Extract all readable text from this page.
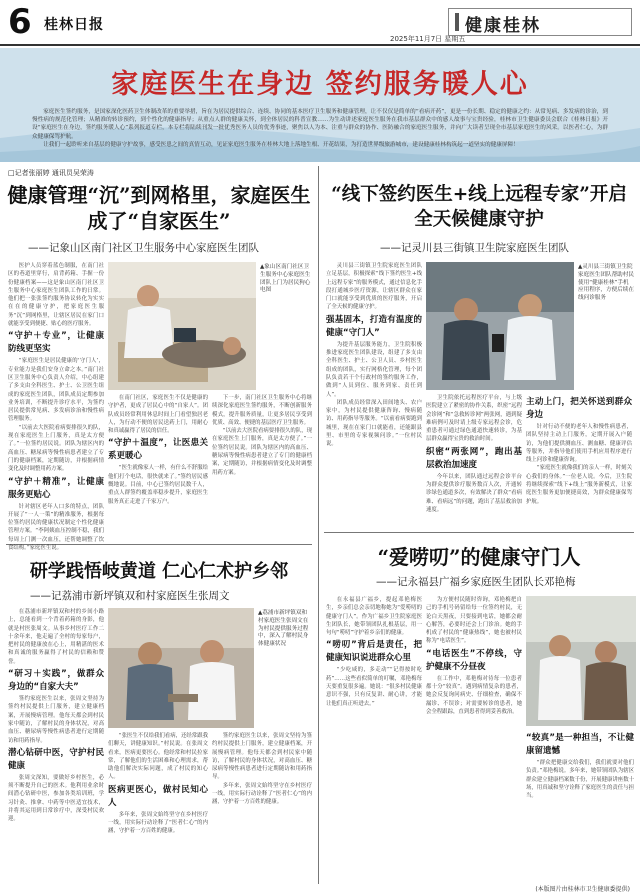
6 桂林日报
2025年11月7日 星期五
健康桂林
家庭医生在身边 签约服务暖人心

家庭医生签约服务，是国家深化医药卫生体制改革的重要举措，旨在为居民提供综合、连续、协同的基本医疗卫生服务和健康管理，让不仅仅是简单的“看病开药”，更是一份长期、稳定的健康之约：从常见病、多发病的诊治，到慢性病的规范化管理；从精准的转诊预约，到个性化的健康指导；从重点人群的健康关怀，到全体居民的科普宣教……为生动讲述家庭医生服务在我市基层群众中的感人故事与宝贵经验，桂林市卫生健康委员会联合《桂林日报》开设“家庭医生在身边，签约服务暖人心”系列报道专栏，本专栏将陆续刊发一批优秀医务人员的优秀事迹，聚焦以人为本、注重与群众的协作、医防融合的家庭医生服务，并向广大读者呈现全市基层家庭医生的风采。以医者仁心，为群众健康保驾护航。

让我们一起聆听来自基层的健康守护故事，感受医患之间的真情互动，见证家庭医生服务在桂林大地上落地生根、开花结果，为打造世界级旅游城市，建设健康桂林构筑起一道坚实的健康屏障！

□记者张丽婷 通讯员吴荣涛
健康管理“沉”到网格里，家庭医生成了“自家医生”
——记象山区南门社区卫生服务中心家庭医生团队

医护人员穿着蓝色制服，在南门社区的巷道里穿行，肩背药箱、手握一份份健康档案——这是象山区南门社区卫生服务中心家庭医生团队工作的日常。他们把一张张签约服务协议转化为实实在在的健康守护，把家庭医生服务“沉”到网格里，让辖区居民在家门口就能享受到便捷、贴心的医疗服务。

“守护＋专业”，让健康防线更坚实

“家庭医生是居民健康的‘守门人’，专业能力是我们安身立命之本。”南门社区卫生服务中心负责人介绍，中心组建了多支由全科医生、护士、公卫医生组成的家庭医生团队，团队成员定期参加业务培训，不断提升诊疗水平，为签约居民提供常见病、多发病诊治和慢性病管理服务。

“以前去大医院看病要排很久的队，现在家庭医生上门服务，真是太方便了。”一位签约居民说。团队为辖区内的高血压、糖尿病等慢性病患者建立了专门的健康档案，定期随访，并根据病情变化及时调整用药方案。

“守护＋精准”，让健康服务更贴心

针对辖区老年人口多的特点，团队开展了“一人一策”的精准服务，根据每位签约居民的健康状况制定个性化健康管理方案。“李阿姨血压控制不稳，我们每周上门测一次血压，还帮她调整了饮食结构。”家庭医生说。

▲象山区南门社区卫生服务中心家庭医生团队上门为居民狗心电图

在南门社区，家庭医生不仅是健康的守护者，更成了居民心中的“自家人”。团队成员经常利用休息时间上门看望独居老人，为行动不便的居民送药上门，用耐心和真诚赢得了居民的信任。

“守护＋温度”，让医患关系更暖心

“医生就像家人一样，有什么不舒服给他们打个电话，很快就来了。”签约居民感慨地说。目前，中心已签约居民数千人，重点人群签约覆盖率稳步提升，家庭医生服务真正走进了千家万户。

下一步，南门社区卫生服务中心将继续深化家庭医生签约服务，不断创新服务模式，提升服务质量，让更多居民享受到优质、高效、便捷的基层医疗卫生服务。

“以前去大医院看病要排很久的队，现在家庭医生上门服务，真是太方便了。”一位签约居民说。团队为辖区内的高血压、糖尿病等慢性病患者建立了专门的健康档案，定期随访，并根据病情变化及时调整用药方案。

“线下签约医生+线上远程专家”开启全天候健康守护
——记灵川县三街镇卫生院家庭医生团队

灵川县三街镇卫生院家庭医生团队立足基层，积极探索“线下签约医生+线上远程专家”的服务模式，通过信息化手段打通城乡医疗资源，让辖区群众在家门口就能享受到优质的医疗服务，开启了全天候的健康守护。

强基固本，打造有温度的健康“守门人”

为提升基层服务能力，卫生院积极推进家庭医生团队建设，组建了多支由全科医生、护士、公卫人员、乡村医生组成的团队，实行网格化管理，每个团队负责若干个行政村的签约服务工作，做到“人员到位、服务到家、责任到人”。

团队成员经常深入田间地头、农户家中，为村民提供健康咨询、慢病随访、用药指导等服务。“以前看病要跑到城里，现在在家门口就能看，还能跟县里、市里的专家视频问诊。”一位村民说。

卫生院依托远程医疗平台，与上级医院建立了紧密的协作关系，织密“远程会诊网”和“急救转诊网”两张网，遇到疑难病例可及时请上级专家远程会诊，危重患者可通过绿色通道快速转诊，为基层群众赢得宝贵的救治时间。

织密“两张网”，跑出基层救治加速度

今年以来，团队通过远程会诊平台为群众提供诊疗服务数百人次，开通转诊绿色通道多次，有效解决了群众“看病难、看病远”的问题，跑出了基层救治加速度。

主动上门，把关怀送到群众身边

针对行动不便的老年人和慢性病患者，团队坚持主动上门服务，定期开展入户随访，为他们提供测血压、测血糖、健康评估等服务，并指导他们使用手机应用程序进行线上问诊和健康咨询。

“家庭医生就像我们的亲人一样，时刻关心我们的身体。”一位老人说。今后，卫生院将继续探索“线下+线上”服务新模式，让家庭医生服务更加便捷高效，为群众健康保驾护航。

▲灵川县三街镇卫生院家庭医生团队帮助村民使用“健康桂林”手机应用程序，方便后续在线问诊服务
研学践悟岐黄道 仁心仁术护乡邻
——记荔浦市新坪镇双和村家庭医生张周文

在荔浦市新坪镇双和村的乡间小路上，总能看到一个背着药箱的身影，他就是村医张周文。从事乡村医疗工作二十余年来，他走遍了全村的每家每户，把村民的健康放在心上，用精湛的医术和真诚的服务赢得了村民的信赖和赞誉。

“研习＋实践”，做群众身边的“自家大夫”

签约家庭医生以来，张周文坚持为签约村民提供上门服务，建立健康档案，开展慢病管理。他每天都会到村民家中随访，了解村民的身体状况，对高血压、糖尿病等慢性病患者进行定期随访和用药指导。

潜心钻研中医，守护村民健康

张周文深知，要做好乡村医生，必须不断提升自己的医术。他利用业余时间潜心钻研中医，参加各类培训班，学习针灸、推拿、中药等中医适宜技术，并将其运用到日常诊疗中，深受村民欢迎。

▲荔浦市新坪镇双和村家庭医生张周文在为村民提供服务过程中，深入了解村民身体健康状况

“张医生不仅给我们看病，还经常跟我们聊天，讲健康知识。”村民说。在张周文看来，医病更要医心。他经常和村民拉家常，了解他们的生活困难和心理需求，帮助他们解决实际问题，成了村民的知心人。

医病更医心，做村民知心人

多年来，张周文始终坚守在乡村医疗一线，用实际行动诠释了“医者仁心”的内涵，守护着一方百姓的健康。

签约家庭医生以来，张周文坚持为签约村民提供上门服务，建立健康档案，开展慢病管理。他每天都会到村民家中随访，了解村民的身体状况，对高血压、糖尿病等慢性病患者进行定期随访和用药指导。

多年来，张周文始终坚守在乡村医疗一线，用实际行动诠释了“医者仁心”的内涵，守护着一方百姓的健康。

“爱唠叨”的健康守门人
——记永福县广福乡家庭医生团队长邓艳梅

在永福县广福乡，提起邓艳梅医生，乡亲们总会亲切地称她为“爱唠叨的健康守门人”。作为广福乡卫生院家庭医生团队长，她带领团队扎根基层，用一句句“唠叨”守护着乡亲们的健康。

“唠叨”背后是责任，把健康知识说进群众心里

“少吃咸的，多走动”“记得按时吃药”……这些看似简单的叮嘱，邓艳梅每天要重复很多遍。她说：“很多村民健康意识不强，只有反复讲、耐心讲，才能让他们真正听进去。”

为方便村民随时咨询，邓艳梅把自己的手机号码留给每一位签约村民，无论白天黑夜，只要接到电话，她都会耐心解答，必要时还会上门诊治。她的手机成了村民的“健康热线”，她也被村民称为“电话医生”。

“电话医生”不停线，守护健康不分昼夜

在工作中，邓艳梅对待每一位患者都十分“较真”。遇到病情复杂的患者，她会反复询问病史、仔细检查，确保不漏诊、不误诊；对需要转诊的患者，她会全程跟踪，直到患者得到妥善救治。

“较真”是一种担当，不让健康留遗憾

“群众把健康交给我们，我们就要对他们负责。”邓艳梅说。多年来，她带领团队为辖区群众建立健康档案数千份，开展健康讲座数十场，用真诚和坚守诠释了家庭医生的责任与担当。

(本版图片由桂林市卫生健康委提供)
